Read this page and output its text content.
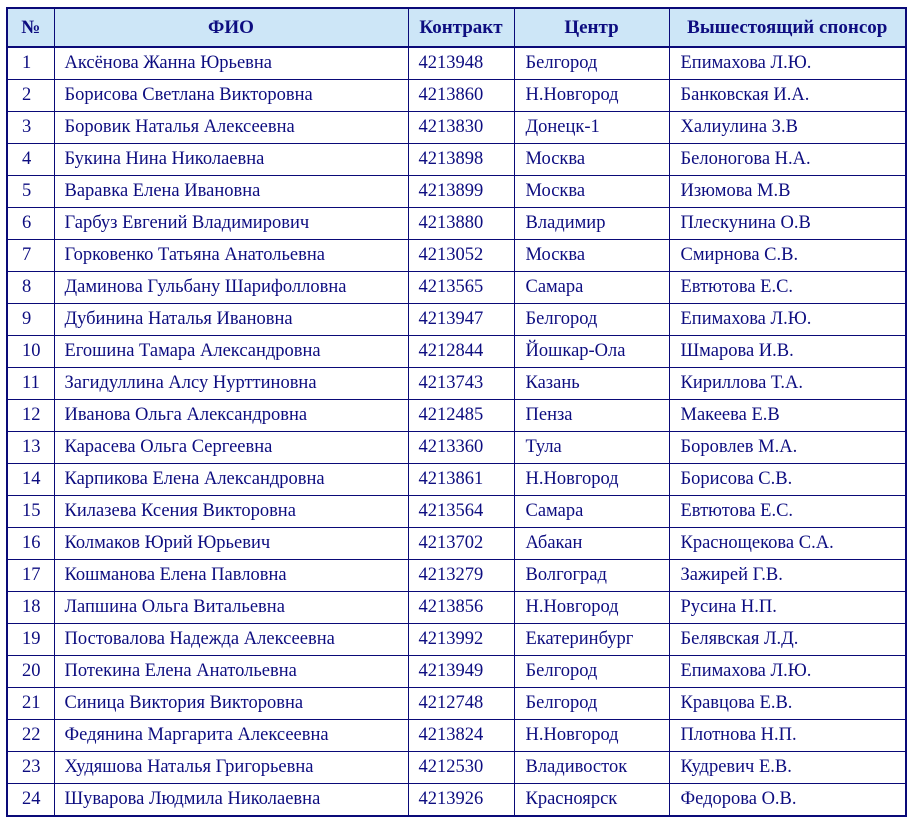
№	ФИО	Контракт	Центр	Вышестоящий спонсор
1	Аксёнова Жанна Юрьевна	4213948	Белгород	Епимахова Л.Ю.
2	Борисова Светлана Викторовна	4213860	Н.Новгород	Банковская И.А.
3	Боровик Наталья Алексеевна	4213830	Донецк-1	Халиулина З.В
4	Букина Нина Николаевна	4213898	Москва	Белоногова Н.А.
5	Варавка Елена Ивановна	4213899	Москва	Изюмова М.В
6	Гарбуз Евгений Владимирович	4213880	Владимир	Плескунина О.В
7	Горковенко Татьяна Анатольевна	4213052	Москва	Смирнова С.В.
8	Даминова Гульбану Шарифолловна	4213565	Самара	Евтютова Е.С.
9	Дубинина Наталья Ивановна	4213947	Белгород	Епимахова Л.Ю.
10	Егошина Тамара Александровна	4212844	Йошкар-Ола	Шмарова И.В.
11	Загидуллина Алсу Нурттиновна	4213743	Казань	Кириллова Т.А.
12	Иванова Ольга Александровна	4212485	Пенза	Макеева Е.В
13	Карасева Ольга Сергеевна	4213360	Тула	Боровлев М.А.
14	Карпикова Елена Александровна	4213861	Н.Новгород	Борисова С.В.
15	Килазева Ксения Викторовна	4213564	Самара	Евтютова Е.С.
16	Колмаков Юрий Юрьевич	4213702	Абакан	Краснощекова С.А.
17	Кошманова Елена Павловна	4213279	Волгоград	Зажирей Г.В.
18	Лапшина Ольга Витальевна	4213856	Н.Новгород	Русина Н.П.
19	Постовалова Надежда Алексеевна	4213992	Екатеринбург	Белявская Л.Д.
20	Потекина Елена Анатольевна	4213949	Белгород	Епимахова Л.Ю.
21	Синица Виктория Викторовна	4212748	Белгород	Кравцова Е.В.
22	Федянина Маргарита Алексеевна	4213824	Н.Новгород	Плотнова Н.П.
23	Худяшова Наталья Григорьевна	4212530	Владивосток	Кудревич Е.В.
24	Шуварова Людмила Николаевна	4213926	Красноярск	Федорова О.В.
